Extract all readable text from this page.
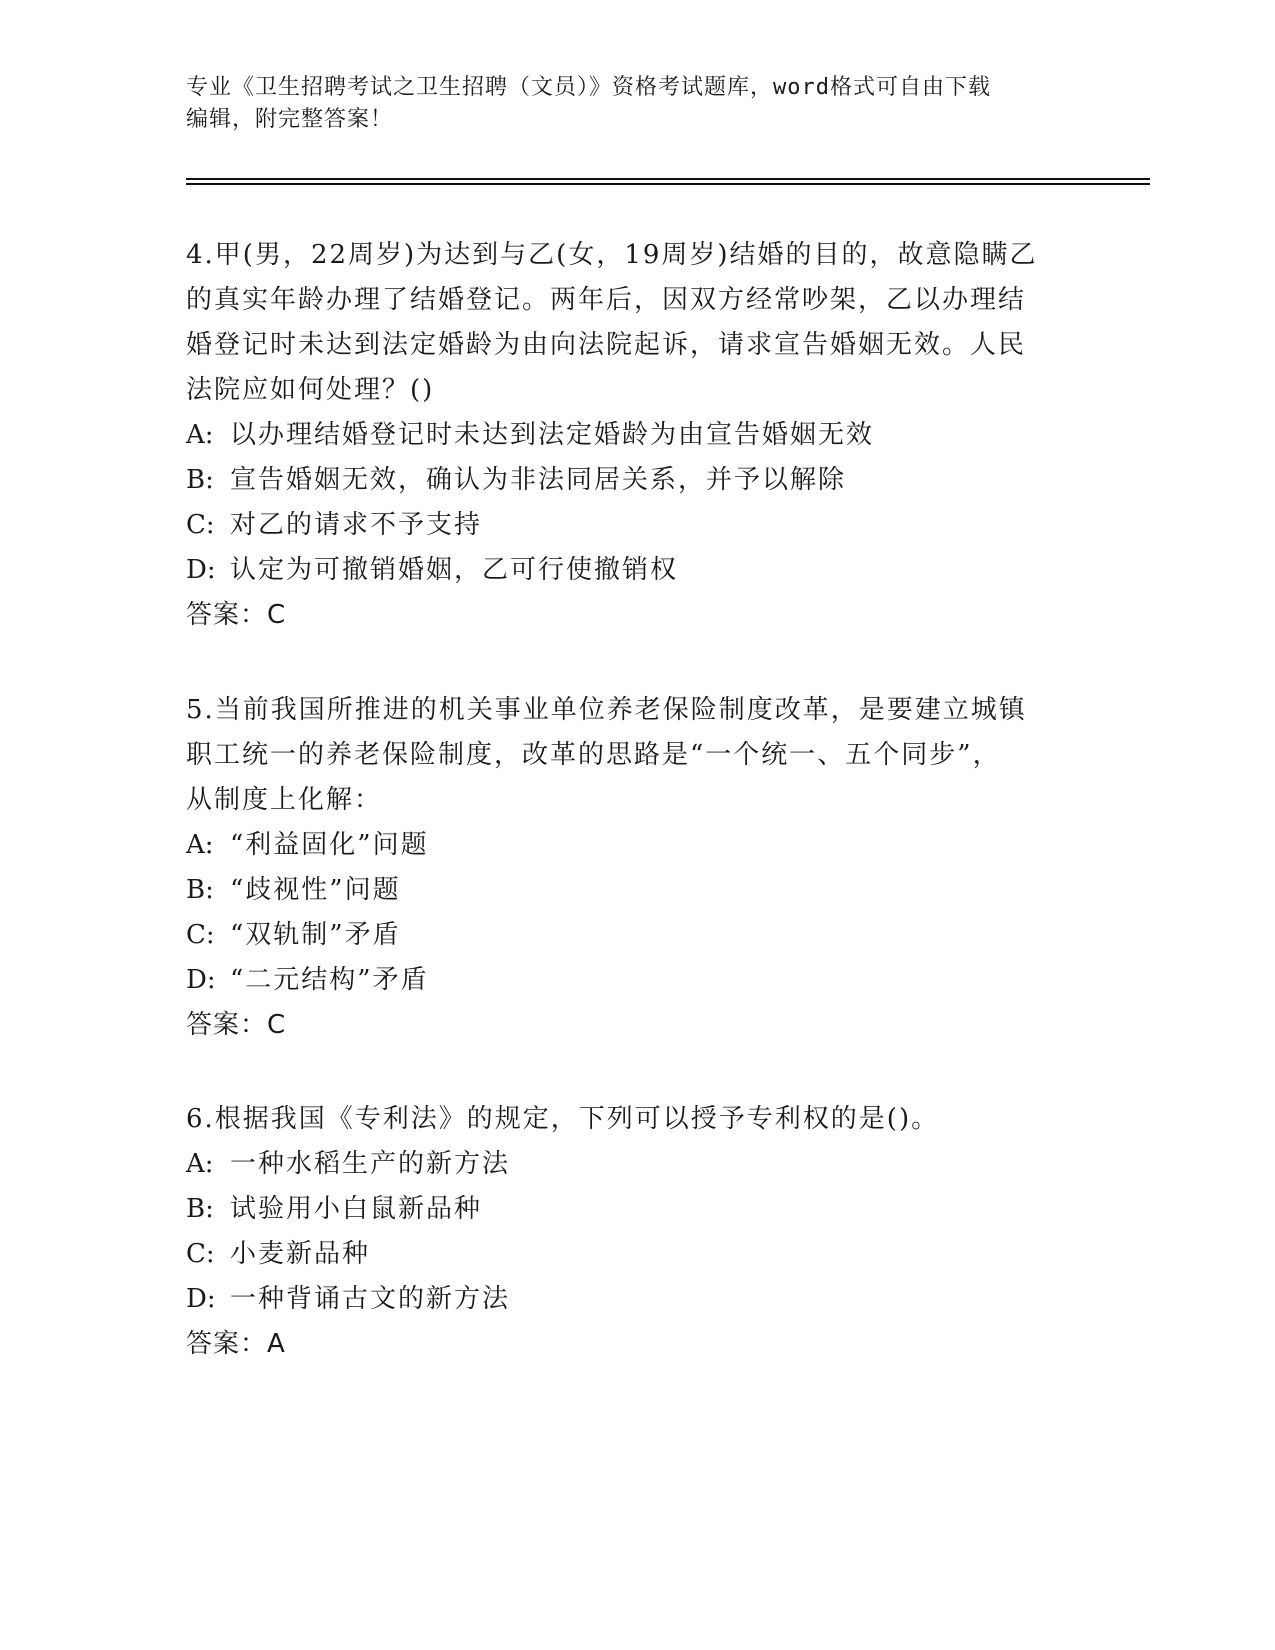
专业《卫生招聘考试之卫生招聘（文员）》资格考试题库，word格式可自由下载
编辑，附完整答案！

4.甲(男，22周岁)为达到与乙(女，19周岁)结婚的目的，故意隐瞒乙

的真实年龄办理了结婚登记。两年后，因双方经常吵架，乙以办理结

婚登记时未达到法定婚龄为由向法院起诉，请求宣告婚姻无效。人民

法院应如何处理？()

A: 以办理结婚登记时未达到法定婚龄为由宣告婚姻无效

B: 宣告婚姻无效，确认为非法同居关系，并予以解除

C: 对乙的请求不予支持

D: 认定为可撤销婚姻，乙可行使撤销权

答案：C

5.当前我国所推进的机关事业单位养老保险制度改革，是要建立城镇

职工统一的养老保险制度，改革的思路是“一个统一、五个同步”，

从制度上化解：

A: “利益固化”问题

B: “歧视性”问题

C: “双轨制”矛盾

D: “二元结构”矛盾

答案：C

6.根据我国《专利法》的规定，下列可以授予专利权的是()。

A: 一种水稻生产的新方法

B: 试验用小白鼠新品种

C: 小麦新品种

D: 一种背诵古文的新方法

答案：A
